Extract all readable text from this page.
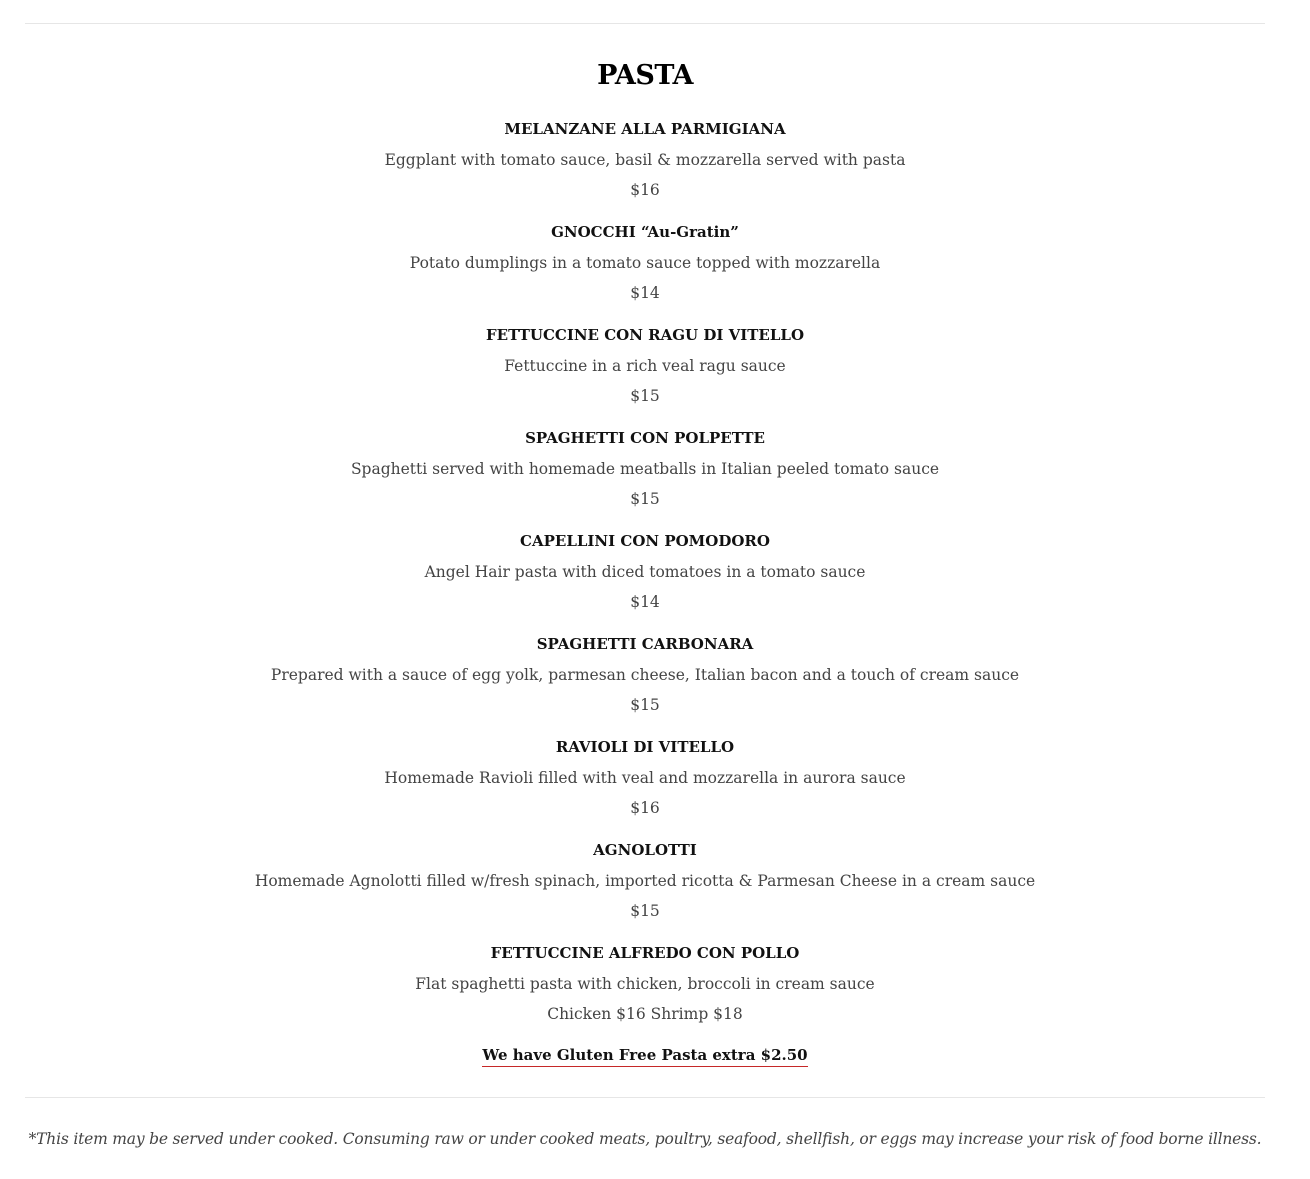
PASTA
MELANZANE ALLA PARMIGIANA
Eggplant with tomato sauce, basil & mozzarella served with pasta
$16
GNOCCHI “Au-Gratin”
Potato dumplings in a tomato sauce topped with mozzarella
$14
FETTUCCINE CON RAGU DI VITELLO
Fettuccine in a rich veal ragu sauce
$15
SPAGHETTI CON POLPETTE
Spaghetti served with homemade meatballs in Italian peeled tomato sauce
$15
CAPELLINI CON POMODORO
Angel Hair pasta with diced tomatoes in a tomato sauce
$14
SPAGHETTI CARBONARA
Prepared with a sauce of egg yolk, parmesan cheese, Italian bacon and a touch of cream sauce
$15
RAVIOLI DI VITELLO
Homemade Ravioli filled with veal and mozzarella in aurora sauce
$16
AGNOLOTTI
Homemade Agnolotti filled w/fresh spinach, imported ricotta & Parmesan Cheese in a cream sauce
$15
FETTUCCINE ALFREDO CON POLLO
Flat spaghetti pasta with chicken, broccoli in cream sauce
Chicken $16 Shrimp $18
We have Gluten Free Pasta extra $2.50
*This item may be served under cooked. Consuming raw or under cooked meats, poultry, seafood, shellfish, or eggs may increase your risk of food borne illness.
